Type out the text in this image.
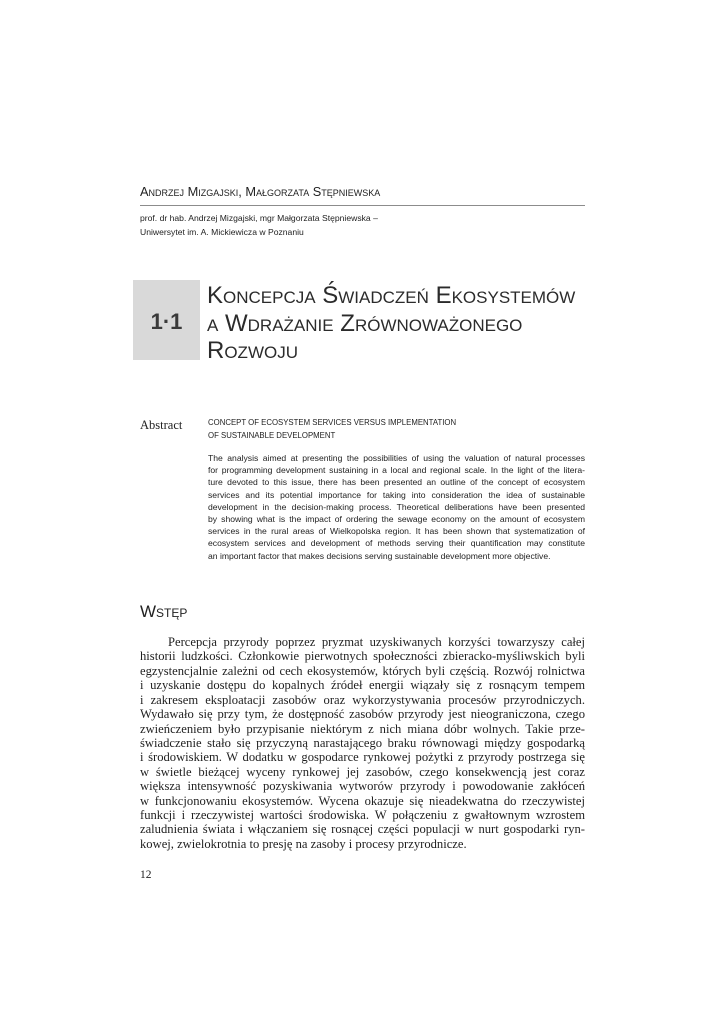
Andrzej Mizgajski, Małgorzata Stępniewska
prof. dr hab. Andrzej Mizgajski, mgr Małgorzata Stępniewska –
Uniwersytet im. A. Mickiewicza w Poznaniu
1·1
Koncepcja Świadczeń Ekosystemów
a Wdrażanie Zrównoważonego
Rozwoju
Abstract	CONCEPT OF ECOSYSTEM SERVICES VERSUS IMPLEMENTATION
OF SUSTAINABLE DEVELOPMENT
The analysis aimed at presenting the possibilities of using the valuation of natural processes
for programming development sustaining in a local and regional scale. In the light of the litera-
ture devoted to this issue, there has been presented an outline of the concept of ecosystem
services and its potential importance for taking into consideration the idea of sustainable
development in the decision-making process. Theoretical deliberations have been presented
by showing what is the impact of ordering the sewage economy on the amount of ecosystem
services in the rural areas of Wielkopolska region. It has been shown that systematization of
ecosystem services and development of methods serving their quantification may constitute
an important factor that makes decisions serving sustainable development more objective.
Wstęp
Percepcja przyrody poprzez pryzmat uzyskiwanych korzyści towarzyszy całej
historii ludzkości. Członkowie pierwotnych społeczności zbieracko-myśliwskich byli
egzystencjalnie zależni od cech ekosystemów, których byli częścią. Rozwój rolnictwa
i uzyskanie dostępu do kopalnych źródeł energii wiązały się z rosnącym tempem
i zakresem eksploatacji zasobów oraz wykorzystywania procesów przyrodniczych.
Wydawało się przy tym, że dostępność zasobów przyrody jest nieograniczona, czego
zwieńczeniem było przypisanie niektórym z nich miana dóbr wolnych. Takie prze-
świadczenie stało się przyczyną narastającego braku równowagi między gospodarką
i środowiskiem. W dodatku w gospodarce rynkowej pożytki z przyrody postrzega się
w świetle bieżącej wyceny rynkowej jej zasobów, czego konsekwencją jest coraz
większa intensywność pozyskiwania wytworów przyrody i powodowanie zakłóceń
w funkcjonowaniu ekosystemów. Wycena okazuje się nieadekwatna do rzeczywistej
funkcji i rzeczywistej wartości środowiska. W połączeniu z gwałtownym wzrostem
zaludnienia świata i włączaniem się rosnącej części populacji w nurt gospodarki ryn-
kowej, zwielokrotnia to presję na zasoby i procesy przyrodnicze.
12
